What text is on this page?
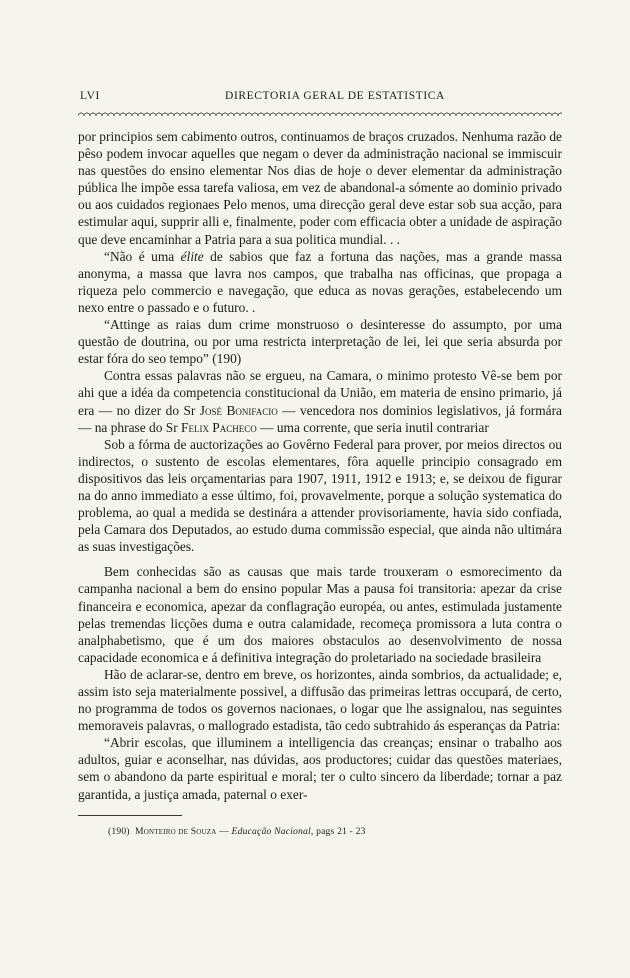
LVI	DIRECTORIA GERAL DE ESTATISTICA

por principios sem cabimento outros, continuamos de braços cruzados. Nenhuma razão de pêso podem invocar aquelles que negam o dever da administração nacional se immiscuir nas questões do ensino elementar Nos dias de hoje o dever elementar da administração pública lhe impõe essa tarefa valiosa, em vez de abandonal-a sómente ao dominio privado ou aos cuidados regionaes Pelo menos, uma direcção geral deve estar sob sua acção, para estimular aqui, supprir alli e, finalmente, poder com efficacia obter a unidade de aspiração que deve encaminhar a Patria para a sua politica mundial. . .

“Não é uma élite de sabios que faz a fortuna das nações, mas a grande massa anonyma, a massa que lavra nos campos, que trabalha nas officinas, que propaga a riqueza pelo commercio e navegação, que educa as novas gerações, estabelecendo um nexo entre o passado e o futuro. .

“Attinge as raias dum crime monstruoso o desinteresse do assumpto, por uma questão de doutrina, ou por uma restricta interpretação de lei, lei que seria absurda por estar fóra do seo tempo” (190)

Contra essas palavras não se ergueu, na Camara, o minimo protesto Vê-se bem por ahi que a idéa da competencia constitucional da União, em materia de ensino primario, já era — no dizer do Sr José Bonifacio — vencedora nos dominios legislativos, já formára — na phrase do Sr Felix Pacheco — uma corrente, que seria inutil contrariar

Sob a fórma de auctorizações ao Govêrno Federal para prover, por meios directos ou indirectos, o sustento de escolas elementares, fôra aquelle principio consagrado em dispositivos das leis orçamentarias para 1907, 1911, 1912 e 1913; e, se deixou de figurar na do anno immediato a esse último, foi, provavelmente, porque a solução systematica do problema, ao qual a medida se destinára a attender provisoriamente, havia sido confiada, pela Camara dos Deputados, ao estudo duma commissão especial, que ainda não ultimára as suas investigações.

Bem conhecidas são as causas que mais tarde trouxeram o esmorecimento da campanha nacional a bem do ensino popular Mas a pausa foi transitoria: apezar da crise financeira e economica, apezar da conflagração européa, ou antes, estimulada justamente pelas tremendas licções duma e outra calamidade, recomeça promissora a luta contra o analphabetismo, que é um dos maiores obstaculos ao desenvolvimento de nossa capacidade economica e á definitiva integração do proletariado na sociedade brasileira

Hão de aclarar-se, dentro em breve, os horizontes, ainda sombrios, da actualidade; e, assim isto seja materialmente possivel, a diffusão das primeiras lettras occupará, de certo, no programma de todos os governos nacionaes, o logar que lhe assignalou, nas seguintes memoraveis palavras, o mallogrado estadista, tão cedo subtrahido ás esperanças da Patria:

“Abrir escolas, que illuminem a intelligencia das creanças; ensinar o trabalho aos adultos, guiar e aconselhar, nas dúvidas, aos productores; cuidar das questões materiaes, sem o abandono da parte espiritual e moral; ter o culto sincero da liberdade; tornar a paz garantida, a justiça amada, paternal o exer-

(190) Monteiro de Souza — Educação Nacional, pags 21 - 23
